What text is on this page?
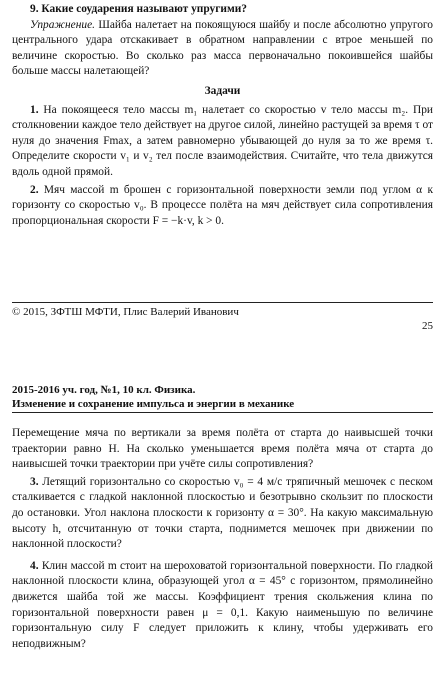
9. Какие соударения называют упругими?

Упражнение. Шайба налетает на покоящуюся шайбу и после абсолютно упругого центрального удара отскакивает в обратном направлении с втрое меньшей по величине скоростью. Во сколько раз масса первоначально покоившейся шайбы больше массы налетающей?

Задачи

1. На покоящееся тело массы m₁ налетает со скоростью v тело массы m₂. При столкновении каждое тело действует на другое силой, линейно растущей за время τ от нуля до значения Fmax, а затем равномерно убывающей до нуля за то же время τ. Определите скорости v₁ и v₂ тел после взаимодействия. Считайте, что тела движутся вдоль одной прямой.

2. Мяч массой m брошен с горизонтальной поверхности земли под углом α к горизонту со скоростью v₀. В процессе полёта на мяч действует сила сопротивления пропорциональная скорости F = −k·v, k > 0.

© 2015, ЗФТШ МФТИ, Плис Валерий Иванович
25
2015-2016 уч. год, №1, 10 кл. Физика.
Изменение и сохранение импульса и энергии в механике

Перемещение мяча по вертикали за время полёта от старта до наивысшей точки траектории равно H. На сколько уменьшается время полёта мяча от старта до наивысшей точки траектории при учёте силы сопротивления?

3. Летящий горизонтально со скоростью v₀ = 4 м/с тряпичный мешочек с песком сталкивается с гладкой наклонной плоскостью и безотрывно скользит по плоскости до остановки. Угол наклона плоскости к горизонту α = 30°. На какую максимальную высоту h, отсчитанную от точки старта, поднимется мешочек при движении по наклонной плоскости?

4. Клин массой m стоит на шероховатой горизонтальной поверхности. По гладкой наклонной плоскости клина, образующей угол α = 45° с горизонтом, прямолинейно движется шайба той же массы. Коэффициент трения скольжения клина по горизонтальной поверхности равен μ = 0,1. Какую наименьшую по величине горизонтальную силу F следует приложить к клину, чтобы удерживать его неподвижным?
